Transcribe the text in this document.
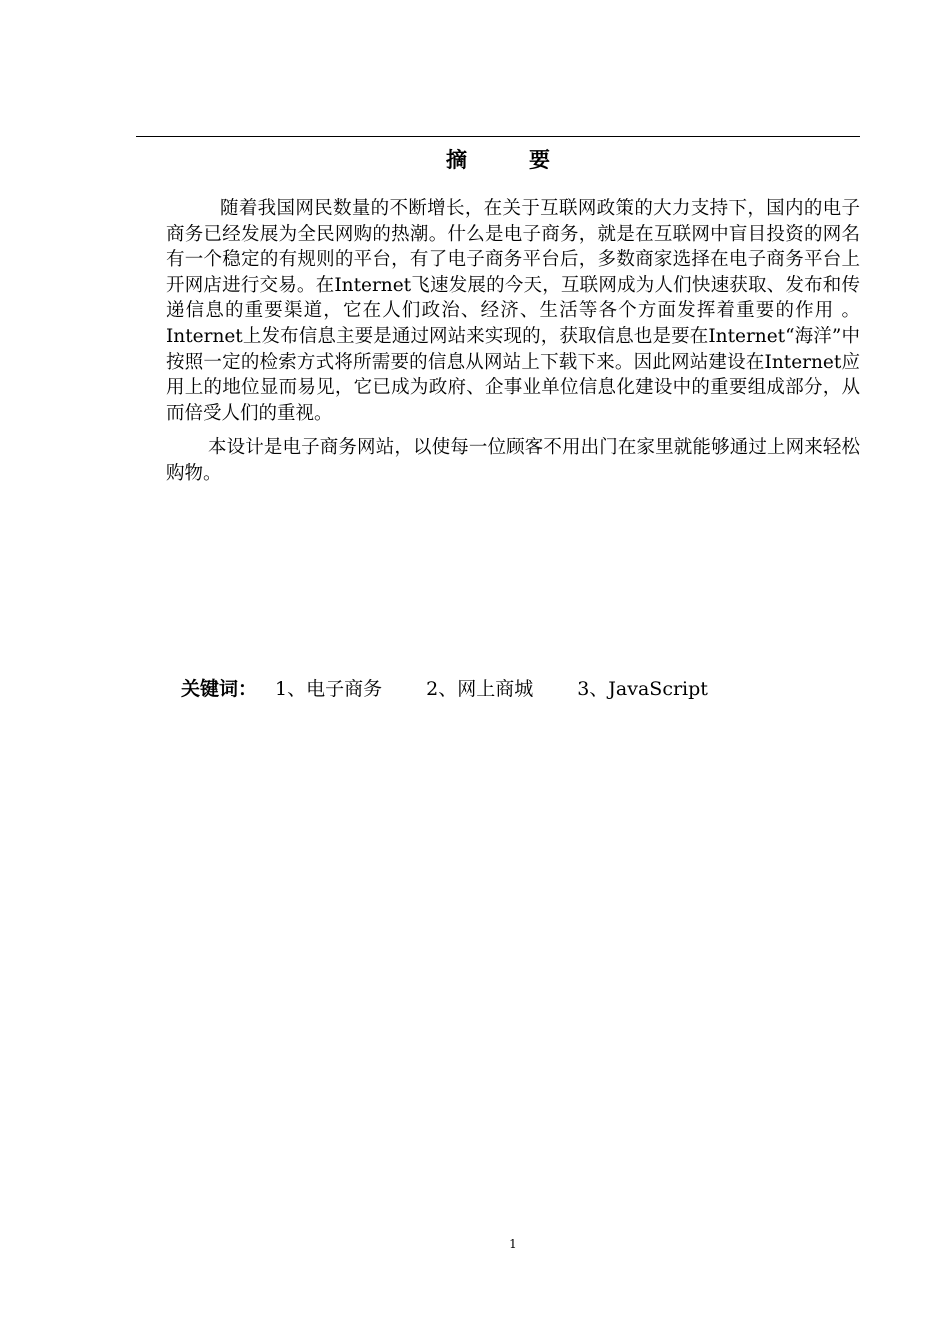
摘	要

随着我国网民数量的不断增长，在关于互联网政策的大力支持下，国内的电子商务已经发展为全民网购的热潮。什么是电子商务，就是在互联网中盲目投资的网名有一个稳定的有规则的平台，有了电子商务平台后，多数商家选择在电子商务平台上开网店进行交易。在Internet飞速发展的今天，互联网成为人们快速获取、发布和传递信息的重要渠道，它在人们政治、经济、生活等各个方面发挥着重要的作用 。Internet上发布信息主要是通过网站来实现的，获取信息也是要在Internet“海洋”中按照一定的检索方式将所需要的信息从网站上下载下来。因此网站建设在Internet应用上的地位显而易见，它已成为政府、企事业单位信息化建设中的重要组成部分，从而倍受人们的重视。

本设计是电子商务网站，以使每一位顾客不用出门在家里就能够通过上网来轻松购物。

关键词： 1、电子商务 2、网上商城 3、JavaScript
1
